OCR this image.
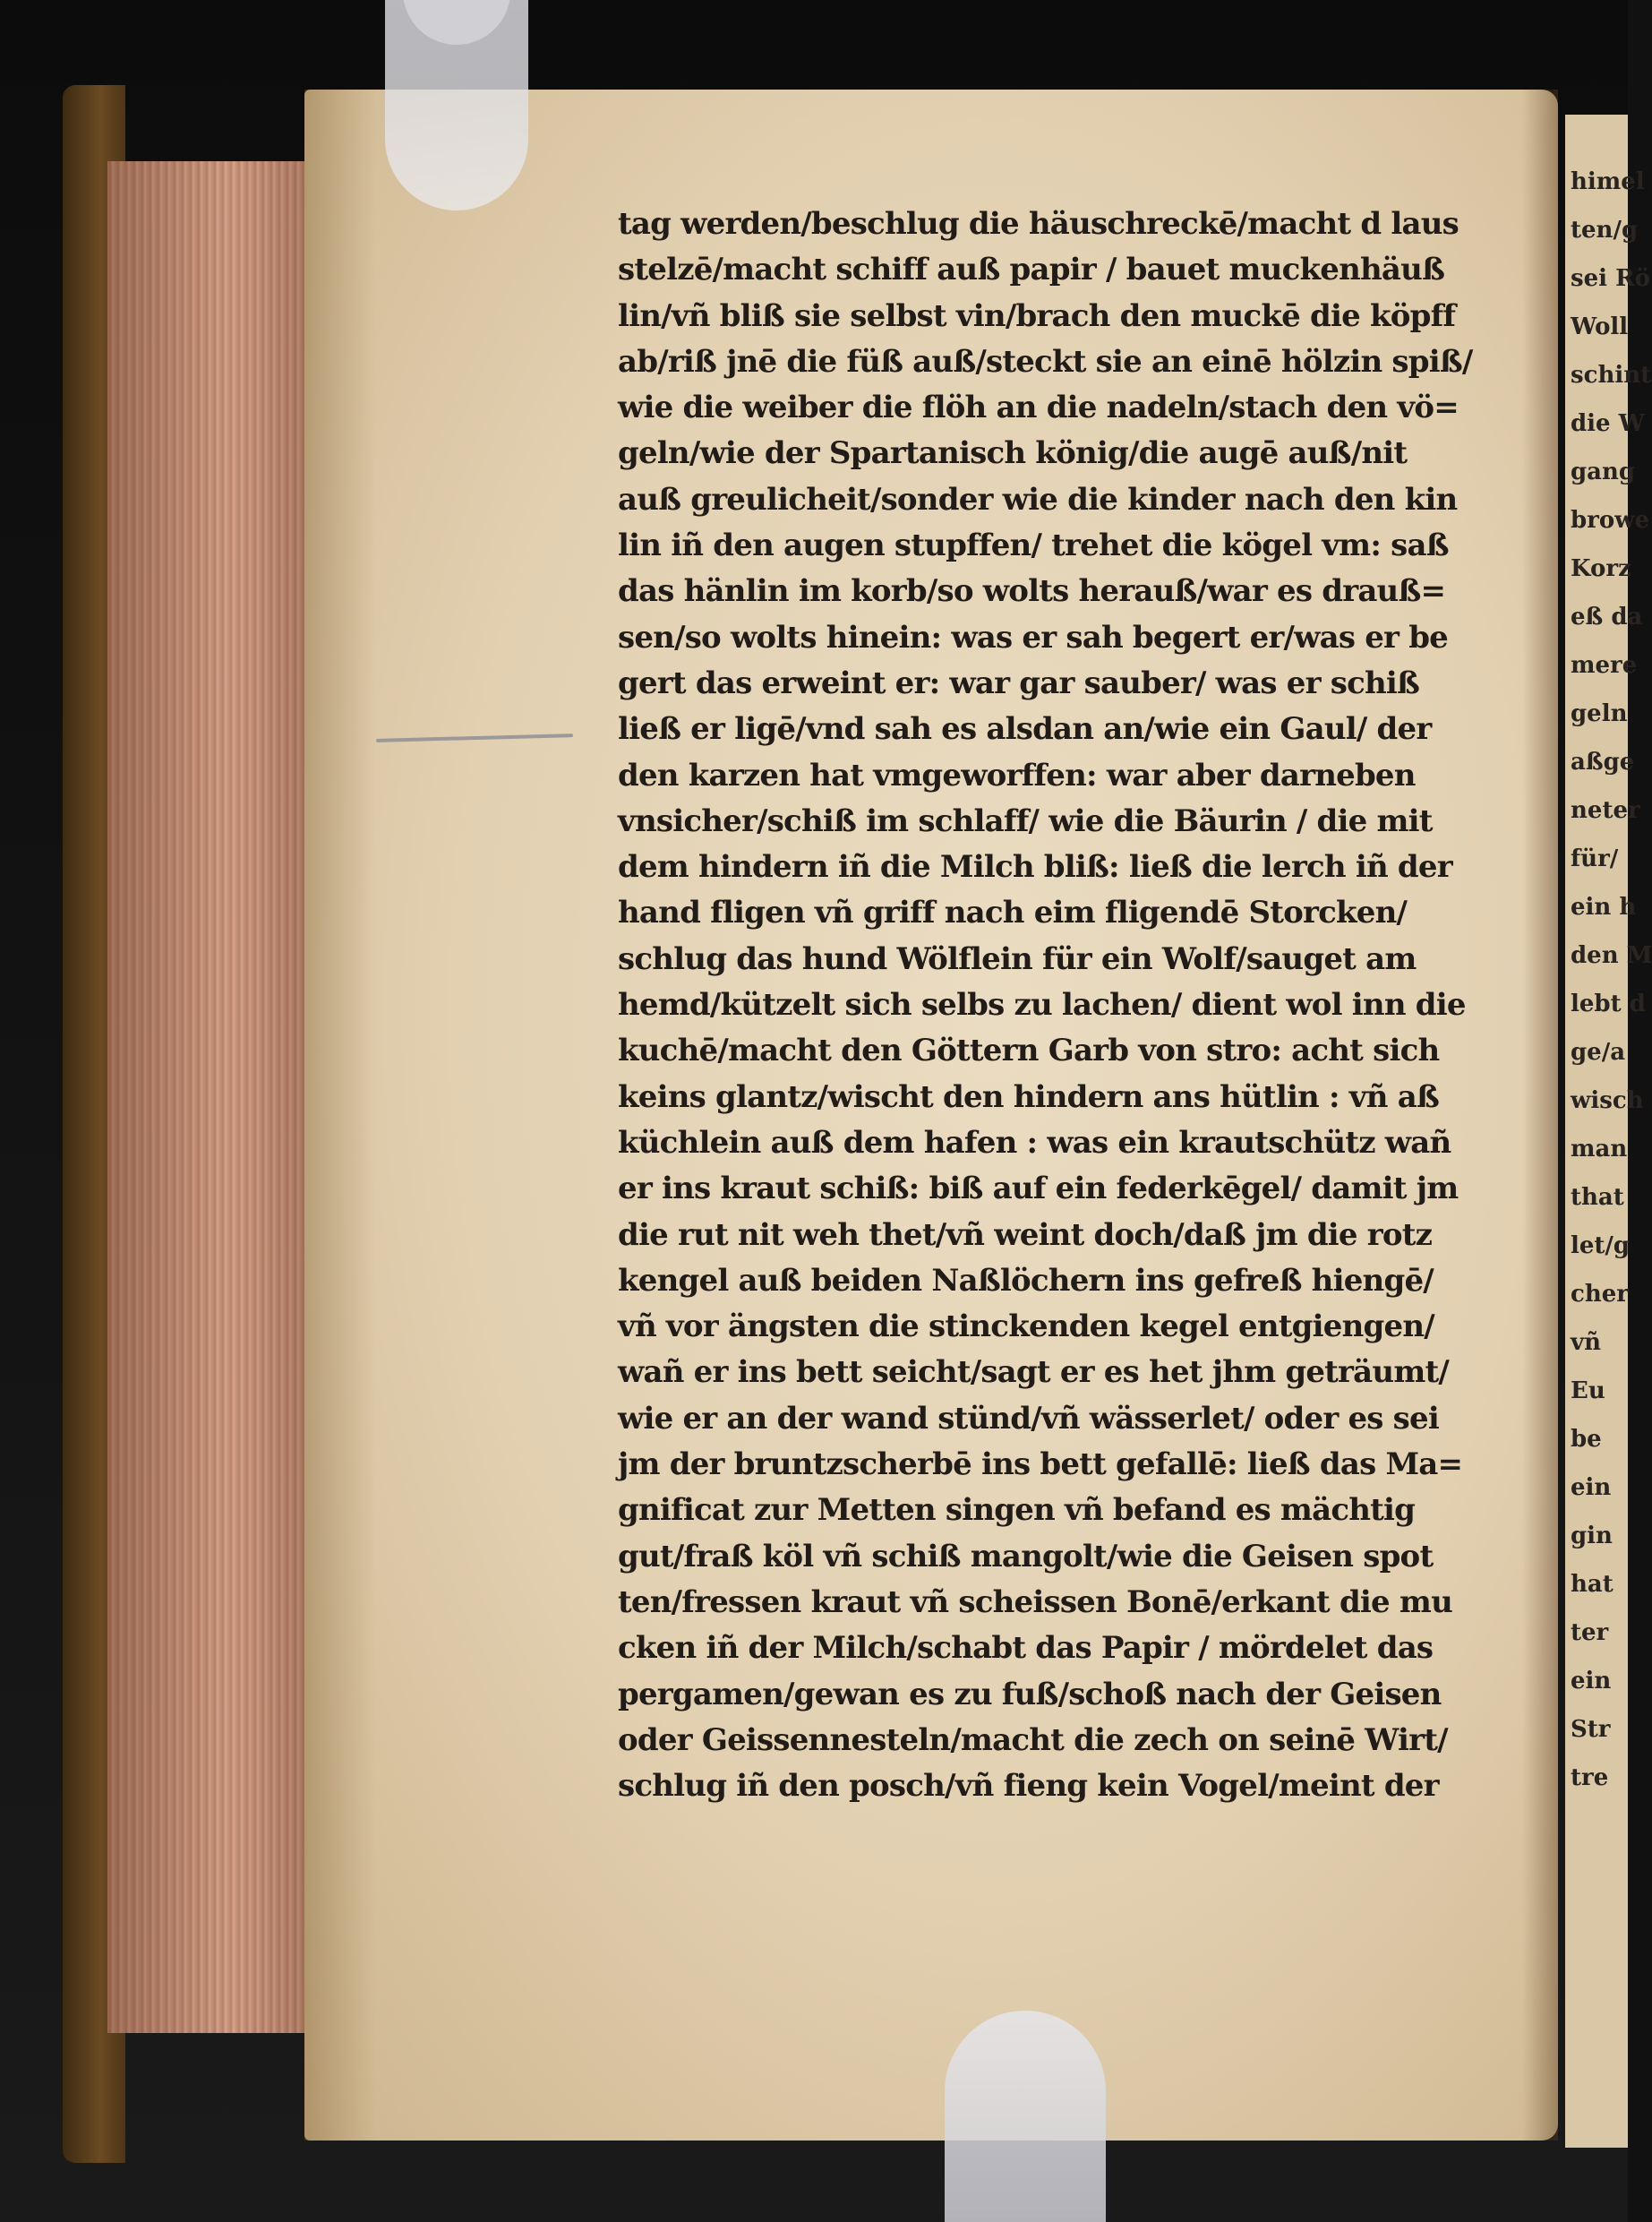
himel
ten/g
sei Rö
Woll
schint
die W
gang
browe
Korz
eß da
mere
geln
aßge
neter
für/
ein h
den M
lebt d
ge/a
wisch
man
that
let/g
cher
vñ
Eu
be
ein
gin
hat
ter
ein
Str
tre
tag werden/beschlug die häuschreckē/macht d laus
stelzē/macht schiff auß papir / bauet muckenhäuß
lin/vñ bliß sie selbst vin/brach den muckē die köpff
ab/riß jnē die füß auß/steckt sie an einē hölzin spiß/
wie die weiber die flöh an die nadeln/stach den vö=
geln/wie der Spartanisch könig/die augē auß/nit
auß greulicheit/sonder wie die kinder nach den kin
lin iñ den augen stupffen/ trehet die kögel vm: saß
das hänlin im korb/so wolts herauß/war es drauß=
sen/so wolts hinein: was er sah begert er/was er be
gert das erweint er: war gar sauber/ was er schiß
ließ er ligē/vnd sah es alsdan an/wie ein Gaul/ der
den karzen hat vmgeworffen: war aber darneben
vnsicher/schiß im schlaff/ wie die Bäurin / die mit
dem hindern iñ die Milch bliß: ließ die lerch iñ der
hand fligen vñ griff nach eim fligendē Storcken/
schlug das hund Wölflein für ein Wolf/sauget am
hemd/kützelt sich selbs zu lachen/ dient wol inn die
kuchē/macht den Göttern Garb von stro: acht sich
keins glantz/wischt den hindern ans hütlin : vñ aß
küchlein auß dem hafen : was ein krautschütz wañ
er ins kraut schiß: biß auf ein federkēgel/ damit jm
die rut nit weh thet/vñ weint doch/daß jm die rotz
kengel auß beiden Naßlöchern ins gefreß hiengē/
vñ vor ängsten die stinckenden kegel entgiengen/
wañ er ins bett seicht/sagt er es het jhm geträumt/
wie er an der wand stünd/vñ wässerlet/ oder es sei
jm der bruntzscherbē ins bett gefallē: ließ das Ma=
gnificat zur Metten singen vñ befand es mächtig
gut/fraß köl vñ schiß mangolt/wie die Geisen spot
ten/fressen kraut vñ scheissen Bonē/erkant die mu
cken iñ der Milch/schabt das Papir / mördelet das
pergamen/gewan es zu fuß/schoß nach der Geisen
oder Geissennesteln/macht die zech on seinē Wirt/
schlug iñ den posch/vñ fieng kein Vogel/meint der
